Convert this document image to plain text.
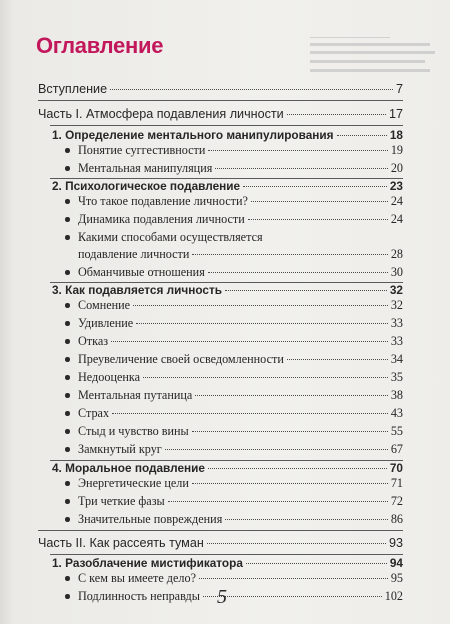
Оглавление
Вступление	7
Часть I. Атмосфера подавления личности	17
1. Определение ментального манипулирования	18
Понятие суггестивности	19
Ментальная манипуляция	20
2. Психологическое подавление	23
Что такое подавление личности?	24
Динамика подавления личности	24
Какими способами осуществляется
подавление личности	28
Обманчивые отношения	30
3. Как подавляется личность	32
Сомнение	32
Удивление	33
Отказ	33
Преувеличение своей осведомленности	34
Недооценка	35
Ментальная путаница	38
Страх	43
Стыд и чувство вины	55
Замкнутый круг	67
4. Моральное подавление	70
Энергетические цели	71
Три четкие фазы	72
Значительные повреждения	86
Часть II. Как рассеять туман	93
1. Разоблачение мистификатора	94
С кем вы имеете дело?	95
Подлинность неправды	102
5
